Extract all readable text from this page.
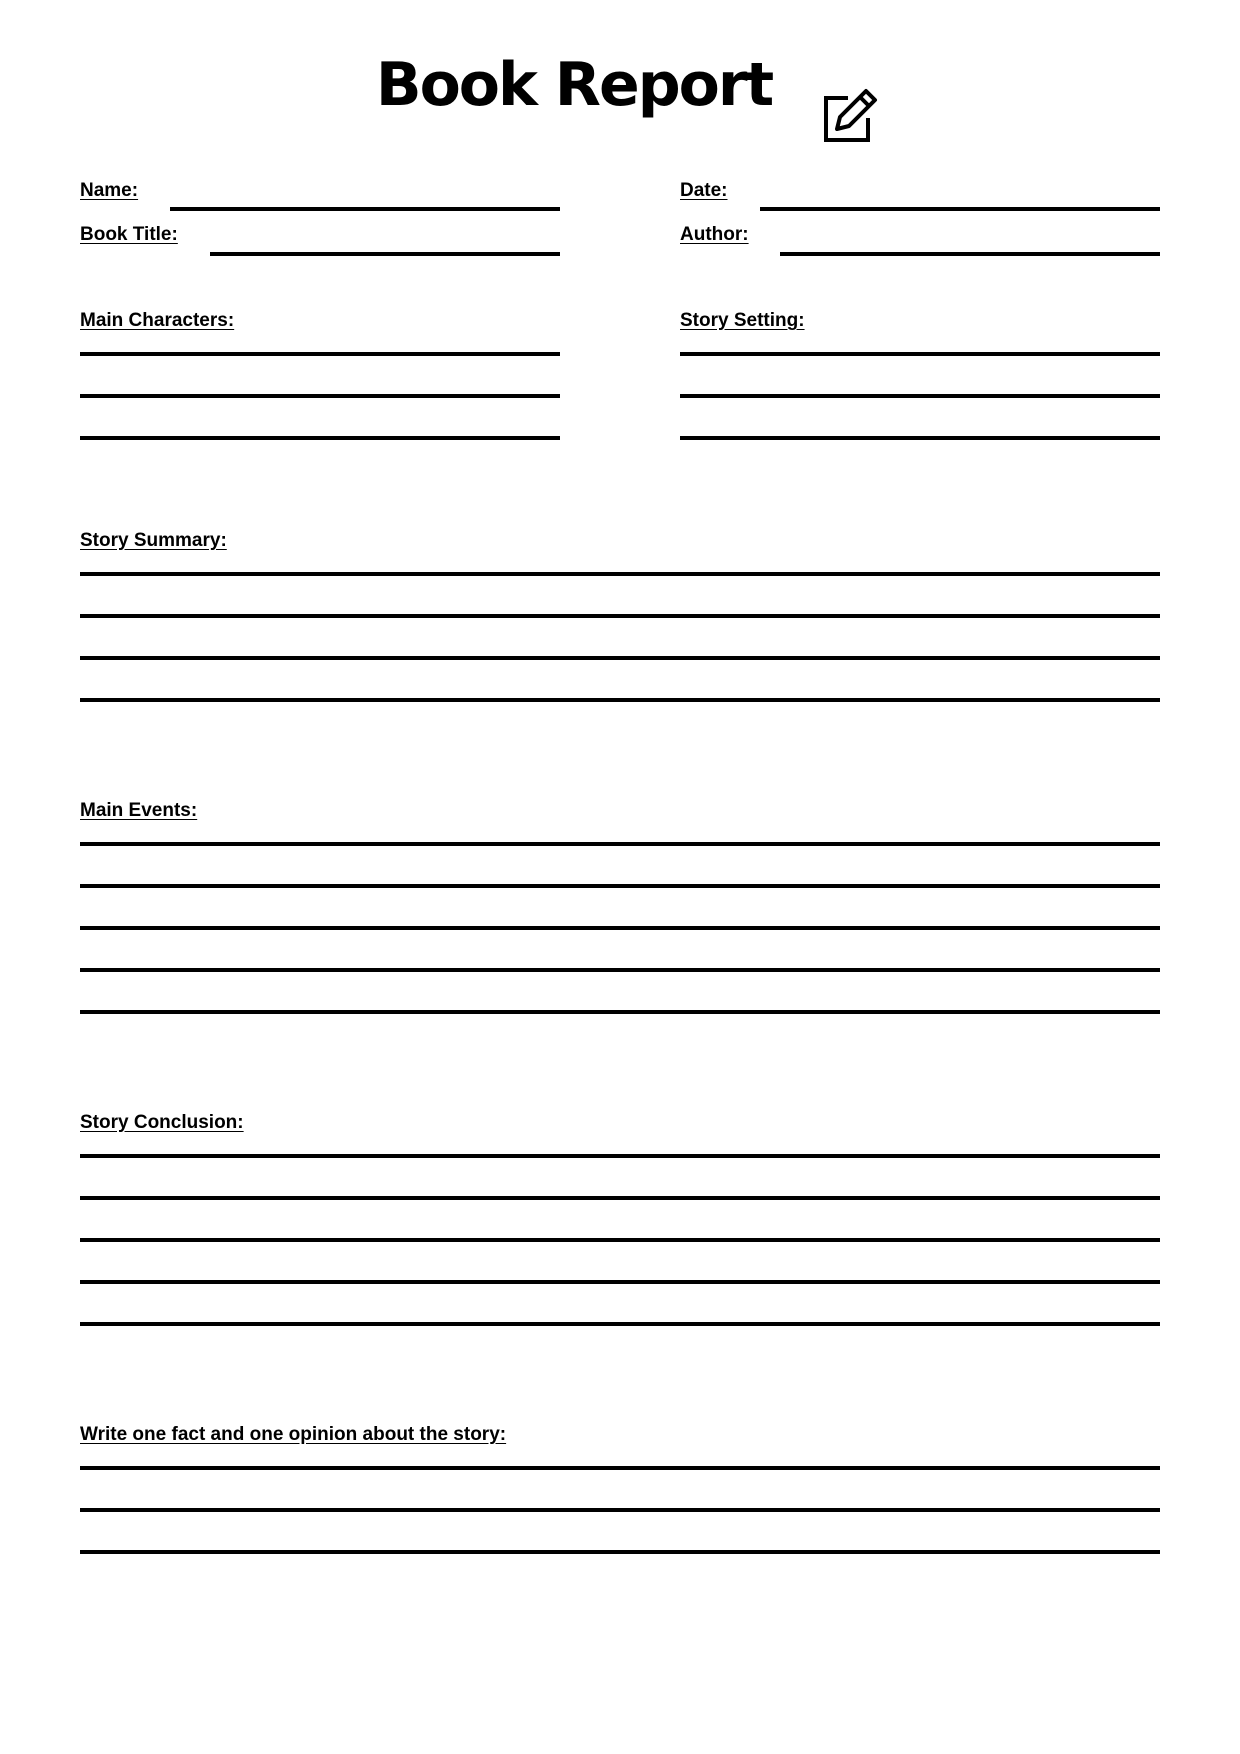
Book Report
Name:	Date:
Book Title:	Author:
Main Characters:	Story Setting:
Story Summary:
Main Events:
Story Conclusion:
Write one fact and one opinion about the story:
